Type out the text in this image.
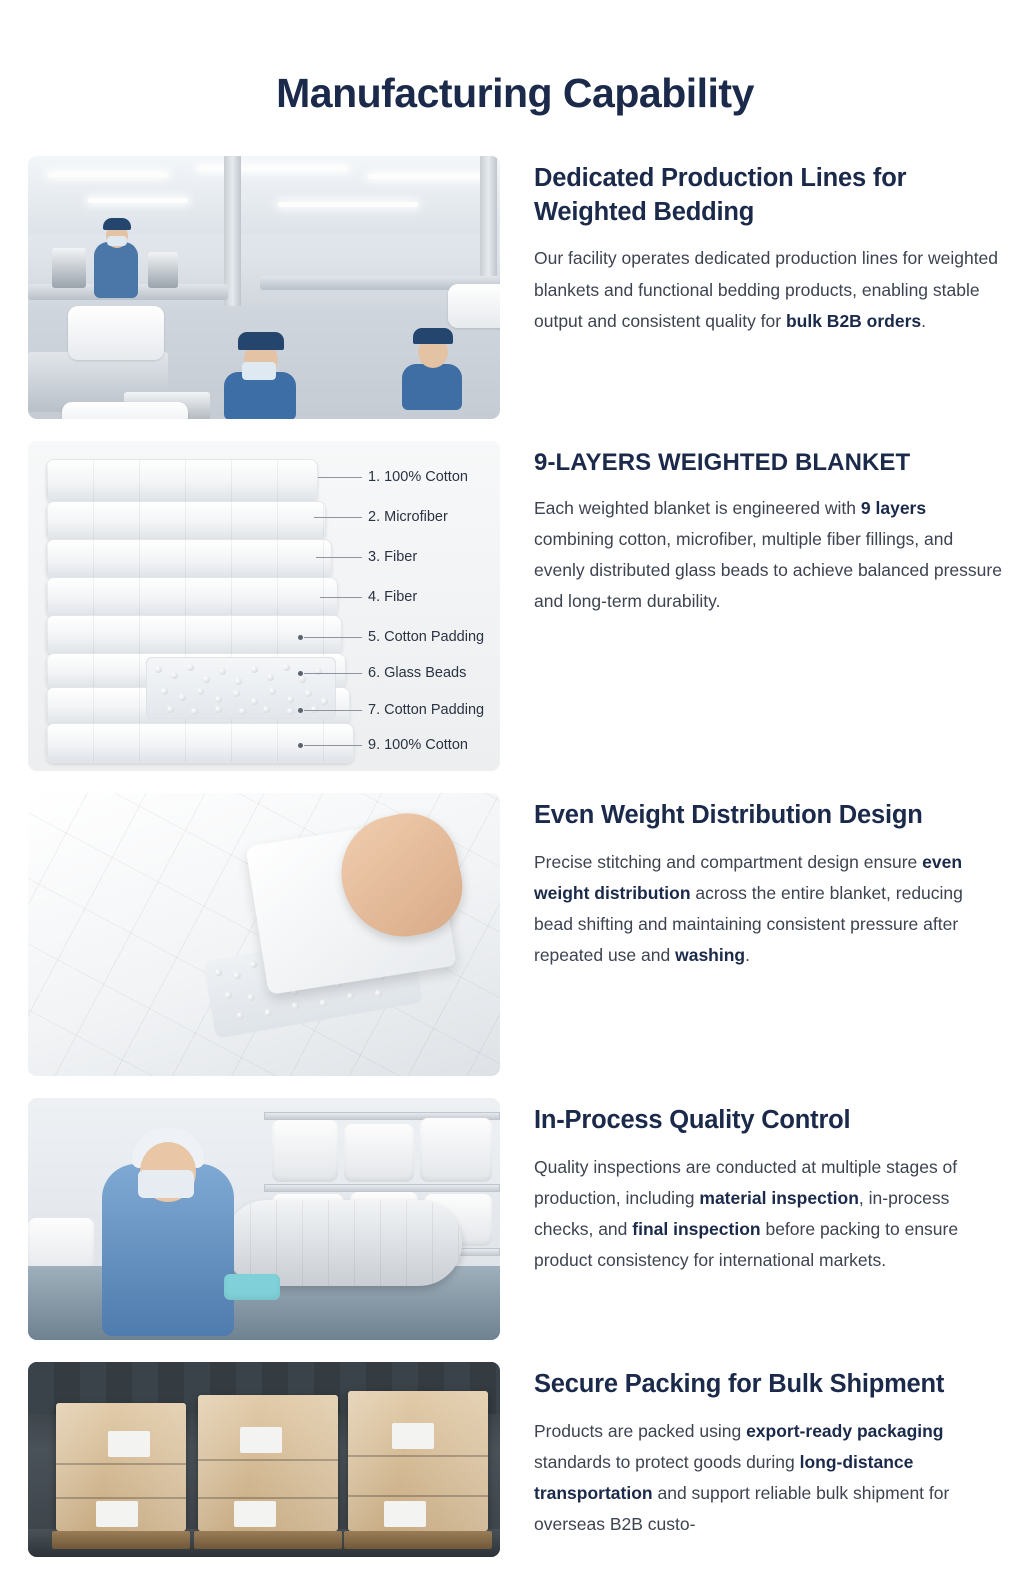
Manufacturing Capability
Dedicated Production Lines for Weighted Bedding

Our facility operates dedicated production lines for weighted blankets and functional bedding products, enabling stable output and consistent quality for bulk B2B orders.

1. 100% Cotton
2. Microfiber
3. Fiber
4. Fiber
5. Cotton Padding
6. Glass Beads
7. Cotton Padding
9. 100% Cotton
9-LAYERS WEIGHTED BLANKET

Each weighted blanket is engineered with 9 layers combining cotton, microfiber, multiple fiber fillings, and evenly distributed glass beads to achieve balanced pressure and long-term durability.

Even Weight Distribution Design

Precise stitching and compartment design ensure even weight distribution across the entire blanket, reducing bead shifting and maintaining consistent pressure after repeated use and washing.

In-Process Quality Control

Quality inspections are conducted at multiple stages of production, including material inspection, in-process checks, and final inspection before packing to ensure product consistency for international markets.

Secure Packing for Bulk Shipment

Products are packed using export-ready packaging standards to protect goods during long-distance transportation and support reliable bulk shipment for overseas B2B custo-
